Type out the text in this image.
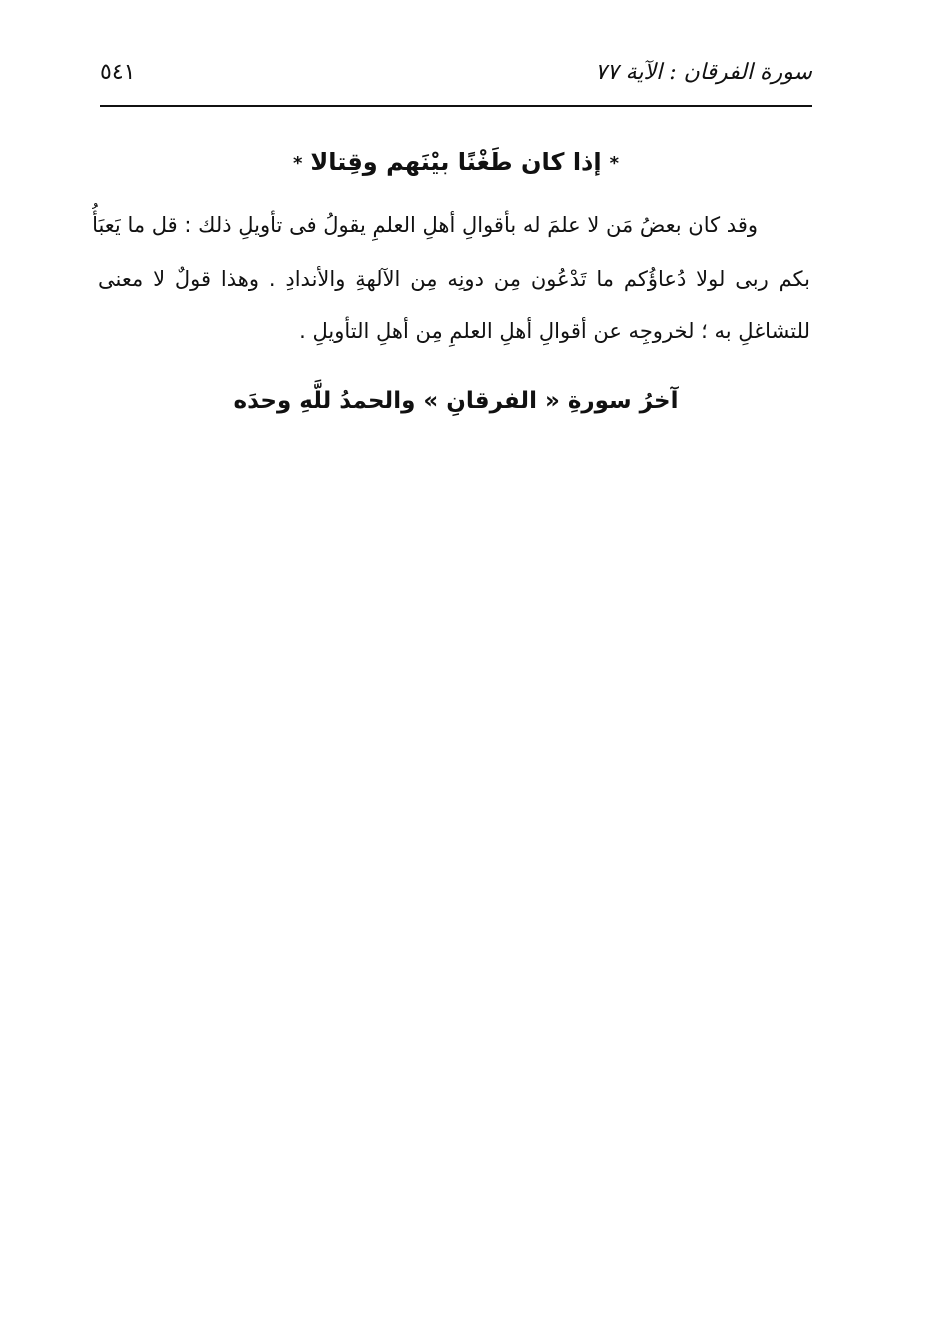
٥٤١	سورة الفرقان : الآية ٧٧
*إذا كان طَغْنًا بيْنَهم وقِتالا*
وقد كان بعضُ مَن لا علمَ له بأقوالِ أهلِ العلمِ يقولُ فى تأويلِ ذلك : قل ما يَعبَأُ
بكم ربى لولا دُعاؤُكم ما تَدْعُون مِن دونِه مِن الآلهةِ والأندادِ . وهذا قولٌ لا معنى
للتشاغلِ به ؛ لخروجِه عن أقوالِ أهلِ العلمِ مِن أهلِ التأويلِ .
آخرُ سورةِ « الفرقانِ » والحمدُ للَّهِ وحدَه
